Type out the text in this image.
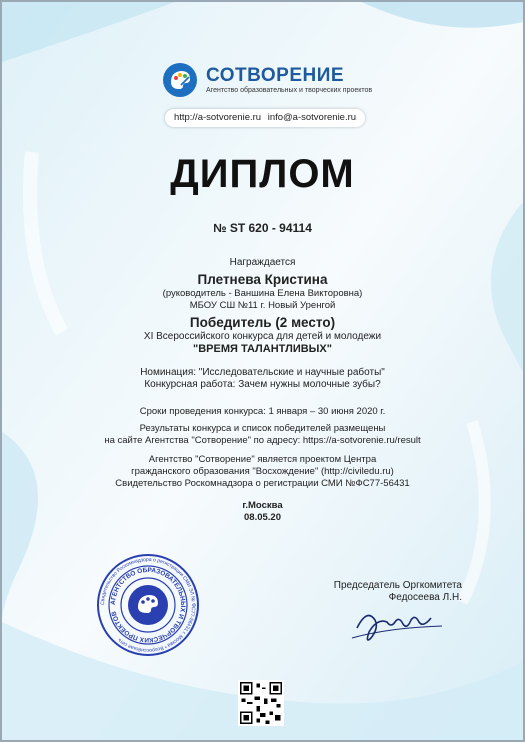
СОТВОРЕНИЕ
Агентство образовательных и творческих проектов
http://a-sotvorenie.ru info@a-sotvorenie.ru
ДИПЛОМ
№ ST 620 - 94114
Награждается
Плетнева Кристина
(руководитель - Ваншина Елена Викторовна)
МБОУ СШ №11 г. Новый Уренгой
Победитель (2 место)
XI Всероссийского конкурса для детей и молодежи
"ВРЕМЯ ТАЛАНТЛИВЫХ"
Номинация: "Исследовательские и научные работы"
Конкурсная работа: Зачем нужны молочные зубы?
Сроки проведения конкурса: 1 января – 30 июня 2020 г.
Результаты конкурса и список победителей размещены
на сайте Агентства "Сотворение" по адресу: https://a-sotvorenie.ru/result
Агентство "Сотворение" является проектом Центра
гражданского образования "Восхождение" (http://civiledu.ru)
Свидетельство Роскомнадзора о регистрации СМИ №ФС77-56431
г.Москва
08.05.20
Свидетельство Роскомнадзора о регистрации СМИ ЭЛ № ФС77-56431 г. Москва • Всероссийская сеть
АГЕНТСТВО ОБРАЗОВАТЕЛЬНЫХ И ТВОРЧЕСКИХ ПРОЕКТОВ
Председатель Оргкомитета
Федосеева Л.Н.
